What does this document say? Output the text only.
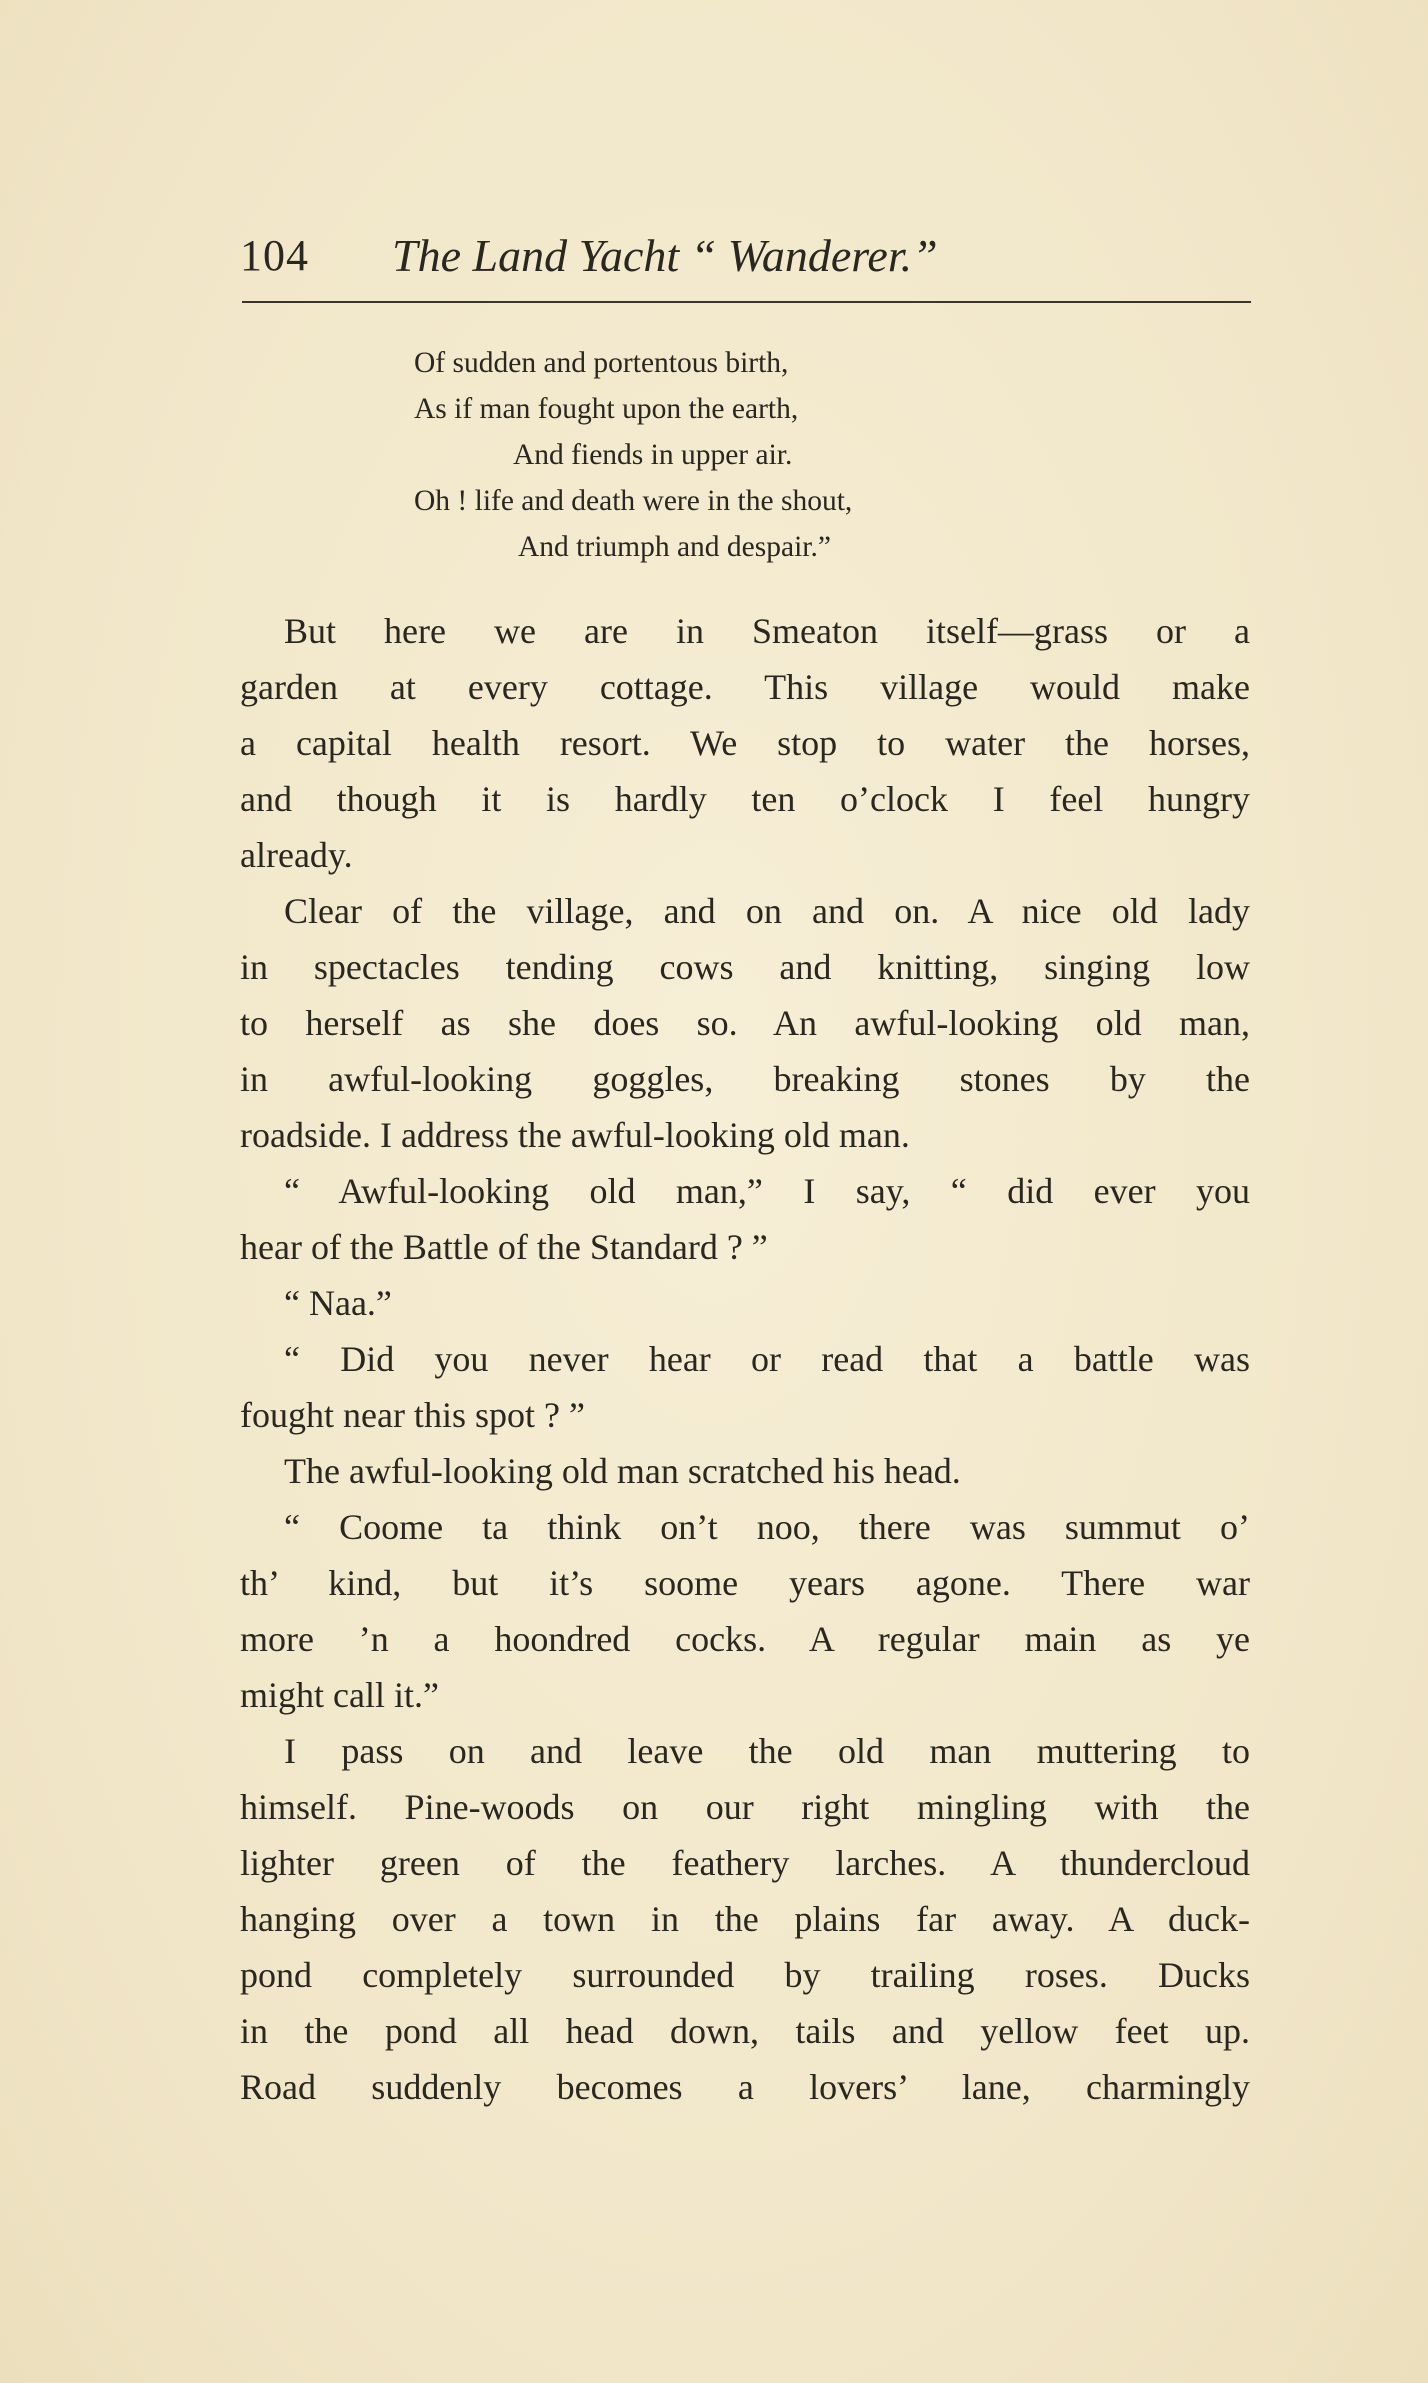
104 The Land Yacht “ Wanderer.”
Of sudden and portentous birth,
As if man fought upon the earth,
And fiends in upper air.
Oh ! life and death were in the shout,
And triumph and despair.”
But here we are in Smeaton itself—grass or a
garden at every cottage. This village would make
a capital health resort. We stop to water the horses,
and though it is hardly ten o’clock I feel hungry
already.
Clear of the village, and on and on. A nice old lady
in spectacles tending cows and knitting, singing low
to herself as she does so. An awful-looking old man,
in awful-looking goggles, breaking stones by the
roadside. I address the awful-looking old man.
“ Awful-looking old man,” I say, “ did ever you
hear of the Battle of the Standard ? ”
“ Naa.”
“ Did you never hear or read that a battle was
fought near this spot ? ”
The awful-looking old man scratched his head.
“ Coome ta think on’t noo, there was summut o’
th’ kind, but it’s soome years agone. There war
more ’n a hoondred cocks. A regular main as ye
might call it.”
I pass on and leave the old man muttering to
himself. Pine-woods on our right mingling with the
lighter green of the feathery larches. A thundercloud
hanging over a town in the plains far away. A duck-
pond completely surrounded by trailing roses. Ducks
in the pond all head down, tails and yellow feet up.
Road suddenly becomes a lovers’ lane, charmingly
